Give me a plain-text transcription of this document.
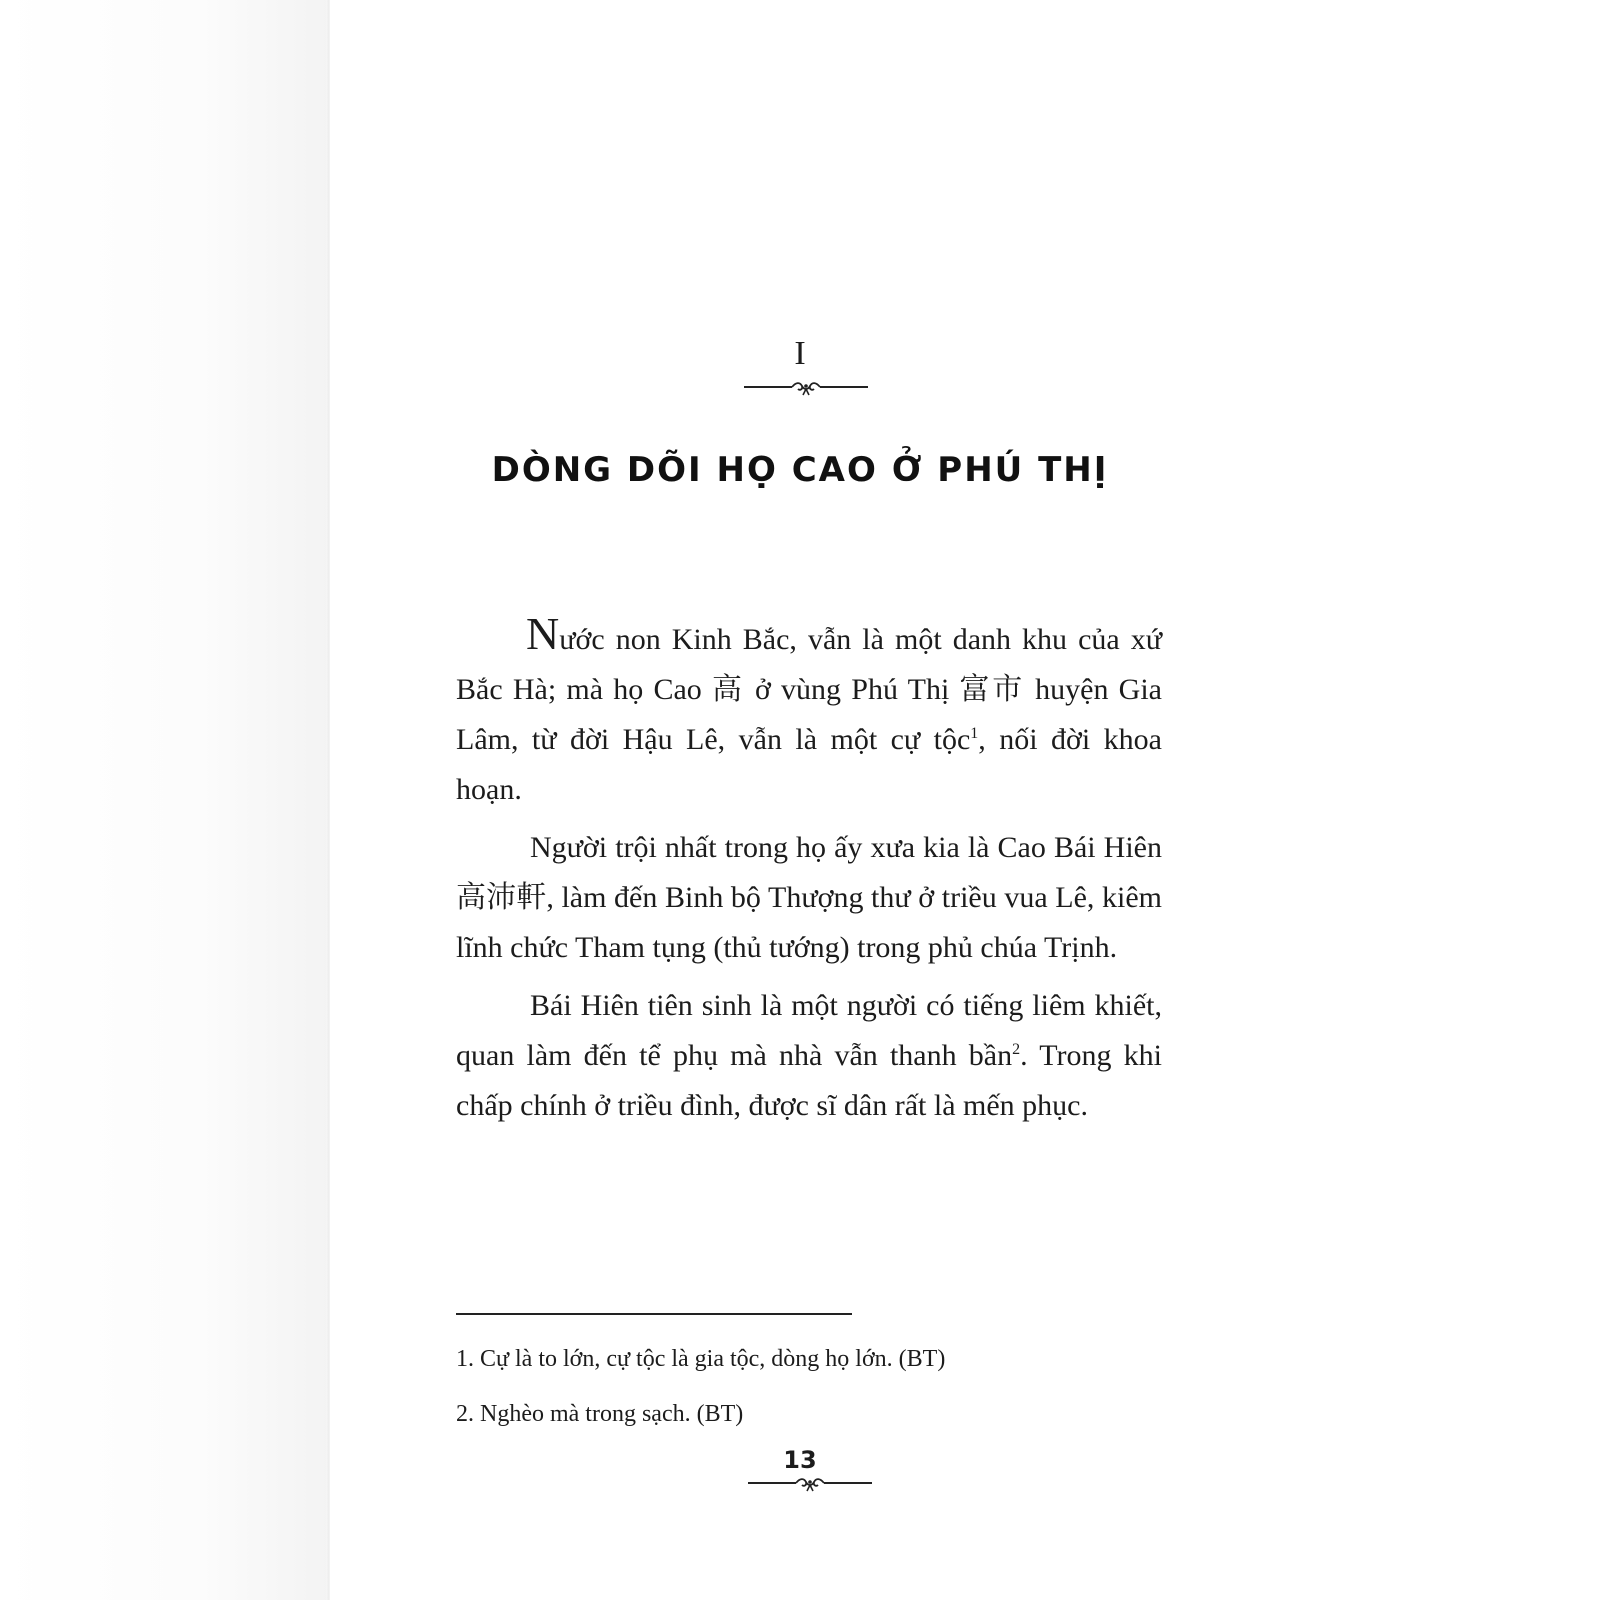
I
DÒNG DÕI HỌ CAO Ở PHÚ THỊ

Nước non Kinh Bắc, vẫn là một danh khu của xứ Bắc Hà; mà họ Cao 高 ở vùng Phú Thị 富市 huyện Gia Lâm, từ đời Hậu Lê, vẫn là một cự tộc$^1$, nối đời khoa hoạn.

Người trội nhất trong họ ấy xưa kia là Cao Bái Hiên 高沛軒, làm đến Binh bộ Thượng thư ở triều vua Lê, kiêm lĩnh chức Tham tụng (thủ tướng) trong phủ chúa Trịnh.

Bái Hiên tiên sinh là một người có tiếng liêm khiết, quan làm đến tể phụ mà nhà vẫn thanh bần$^2$. Trong khi chấp chính ở triều đình, được sĩ dân rất là mến phục.

1. Cự là to lớn, cự tộc là gia tộc, dòng họ lớn. (BT)

2. Nghèo mà trong sạch. (BT)

13
